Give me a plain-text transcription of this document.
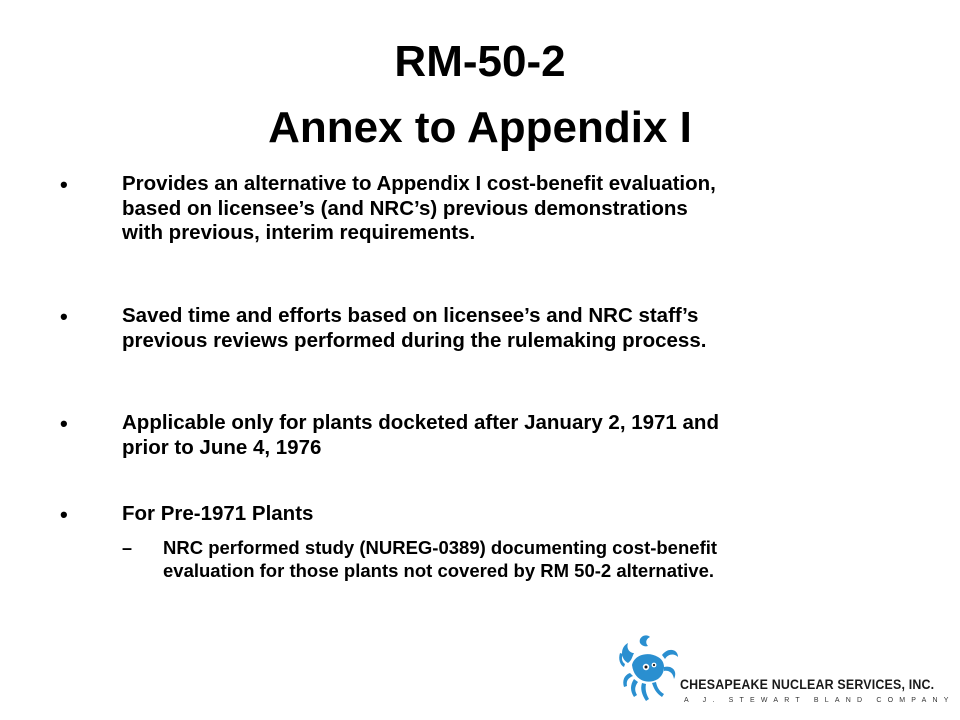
RM-50-2
Annex to Appendix I
•	Provides an alternative to Appendix I cost-benefit evaluation,
based on licensee’s (and NRC’s) previous demonstrations
with previous, interim requirements.
•	Saved time and efforts based on licensee’s and NRC staff’s
previous reviews performed during the rulemaking process.
•	Applicable only for plants docketed after January 2, 1971 and
prior to June 4, 1976
•	For Pre-1971 Plants
– NRC performed study (NUREG-0389) documenting cost-benefit
evaluation for those plants not covered by RM 50-2 alternative.
CHESAPEAKE NUCLEAR SERVICES, INC.
A J. STEWART BLAND COMPANY
